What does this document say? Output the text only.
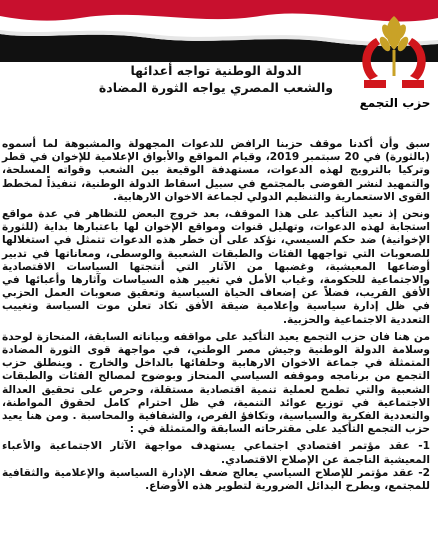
حزب التجمع
الدولة الوطنية تواجه أعدائها
والشعب المصري يواجه الثورة المضادة

سبق وأن أكدنا موقف حزبنا الرافض للدعوات المجهولة والمشبوهة لما أسموه (بالثورة) في 20 سبتمبر 2019، وقيام المواقع والأبواق الإعلامية للإخوان في قطر وتركيا بالترويج لهذه الدعوات، مستهدفة الوقيعة بين الشعب وقواته المسلحة، والتمهيد لنشر الفوضى بالمجتمع في سبيل اسقاط الدولة الوطنية، تنفيذاً لمخطط القوى الاستعمارية والتنظيم الدولي لجماعة الاخوان الارهابية.

ونحن إذ نعيد التأكيد على هذا الموقف، بعد خروج البعض للتظاهر في عدة مواقع استجابة لهذه الدعوات، وتهليل قنوات ومواقع الإخوان لها باعتبارها بداية (للثورة الإخوانية) ضد حكم السيسي، نؤكد على أن خطر هذه الدعوات تتمثل في استغلالها للصعوبات التي تواجهها الفئات والطبقات الشعبية والوسطى، ومعاناتها في تدبير أوضاعها المعيشية، وغضبها من الآثار التي أنتجتها السياسات الاقتصادية والاجتماعية للحكومة، وغياب الأمل في تغيير هذه السياسات وآثارها وأعبائها في الأفق القريب، فضلاً عن إضعاف الحياة السياسية وتعقيق صعوبات العمل الحزبي في ظل إدارة سياسية وإعلامية ضيقة الأفق تكاد تعلن موت السياسة وتغييب التعددية الاجتماعية والحزبية.

من هنا فان حزب التجمع يعيد التأكيد على مواقفه وبياناته السابقة، المنحازة لوحدة وسلامة الدولة الوطنية وجيش مصر الوطني، في مواجهة قوى الثورة المضادة المتمثلة في جماعة الاخوان الارهابية وحلفائها بالداخل والخارج . وينطلق حزب التجمع من برنامجه وموقفه السياسي المنحاز وبوضوح لمصالح الفئات والطبقات الشعبية والتي تطمح لعملية تنمية اقتصادية مستقلة، وحرص على تحقيق العدالة الاجتماعية في توزيع عوائد التنمية، في ظل احترام كامل لحقوق المواطنة، والتعددية الفكرية والسياسية، وتكافؤ الفرص، والشفافية والمحاسبة . ومن هنا يعيد حزب التجمع التأكيد على مقترحاته السابقة والمتمثلة في :

1- عقد مؤتمر اقتصادي اجتماعي يستهدف مواجهة الآثار الاجتماعية والأعباء المعيشية الناجمة عن الإصلاح الاقتصادي.

2- عقد مؤتمر للإصلاح السياسي يعالج ضعف الإدارة السياسية والإعلامية والثقافية للمجتمع، ويطرح البدائل الضرورية لتطوير هذه الأوضاع.
